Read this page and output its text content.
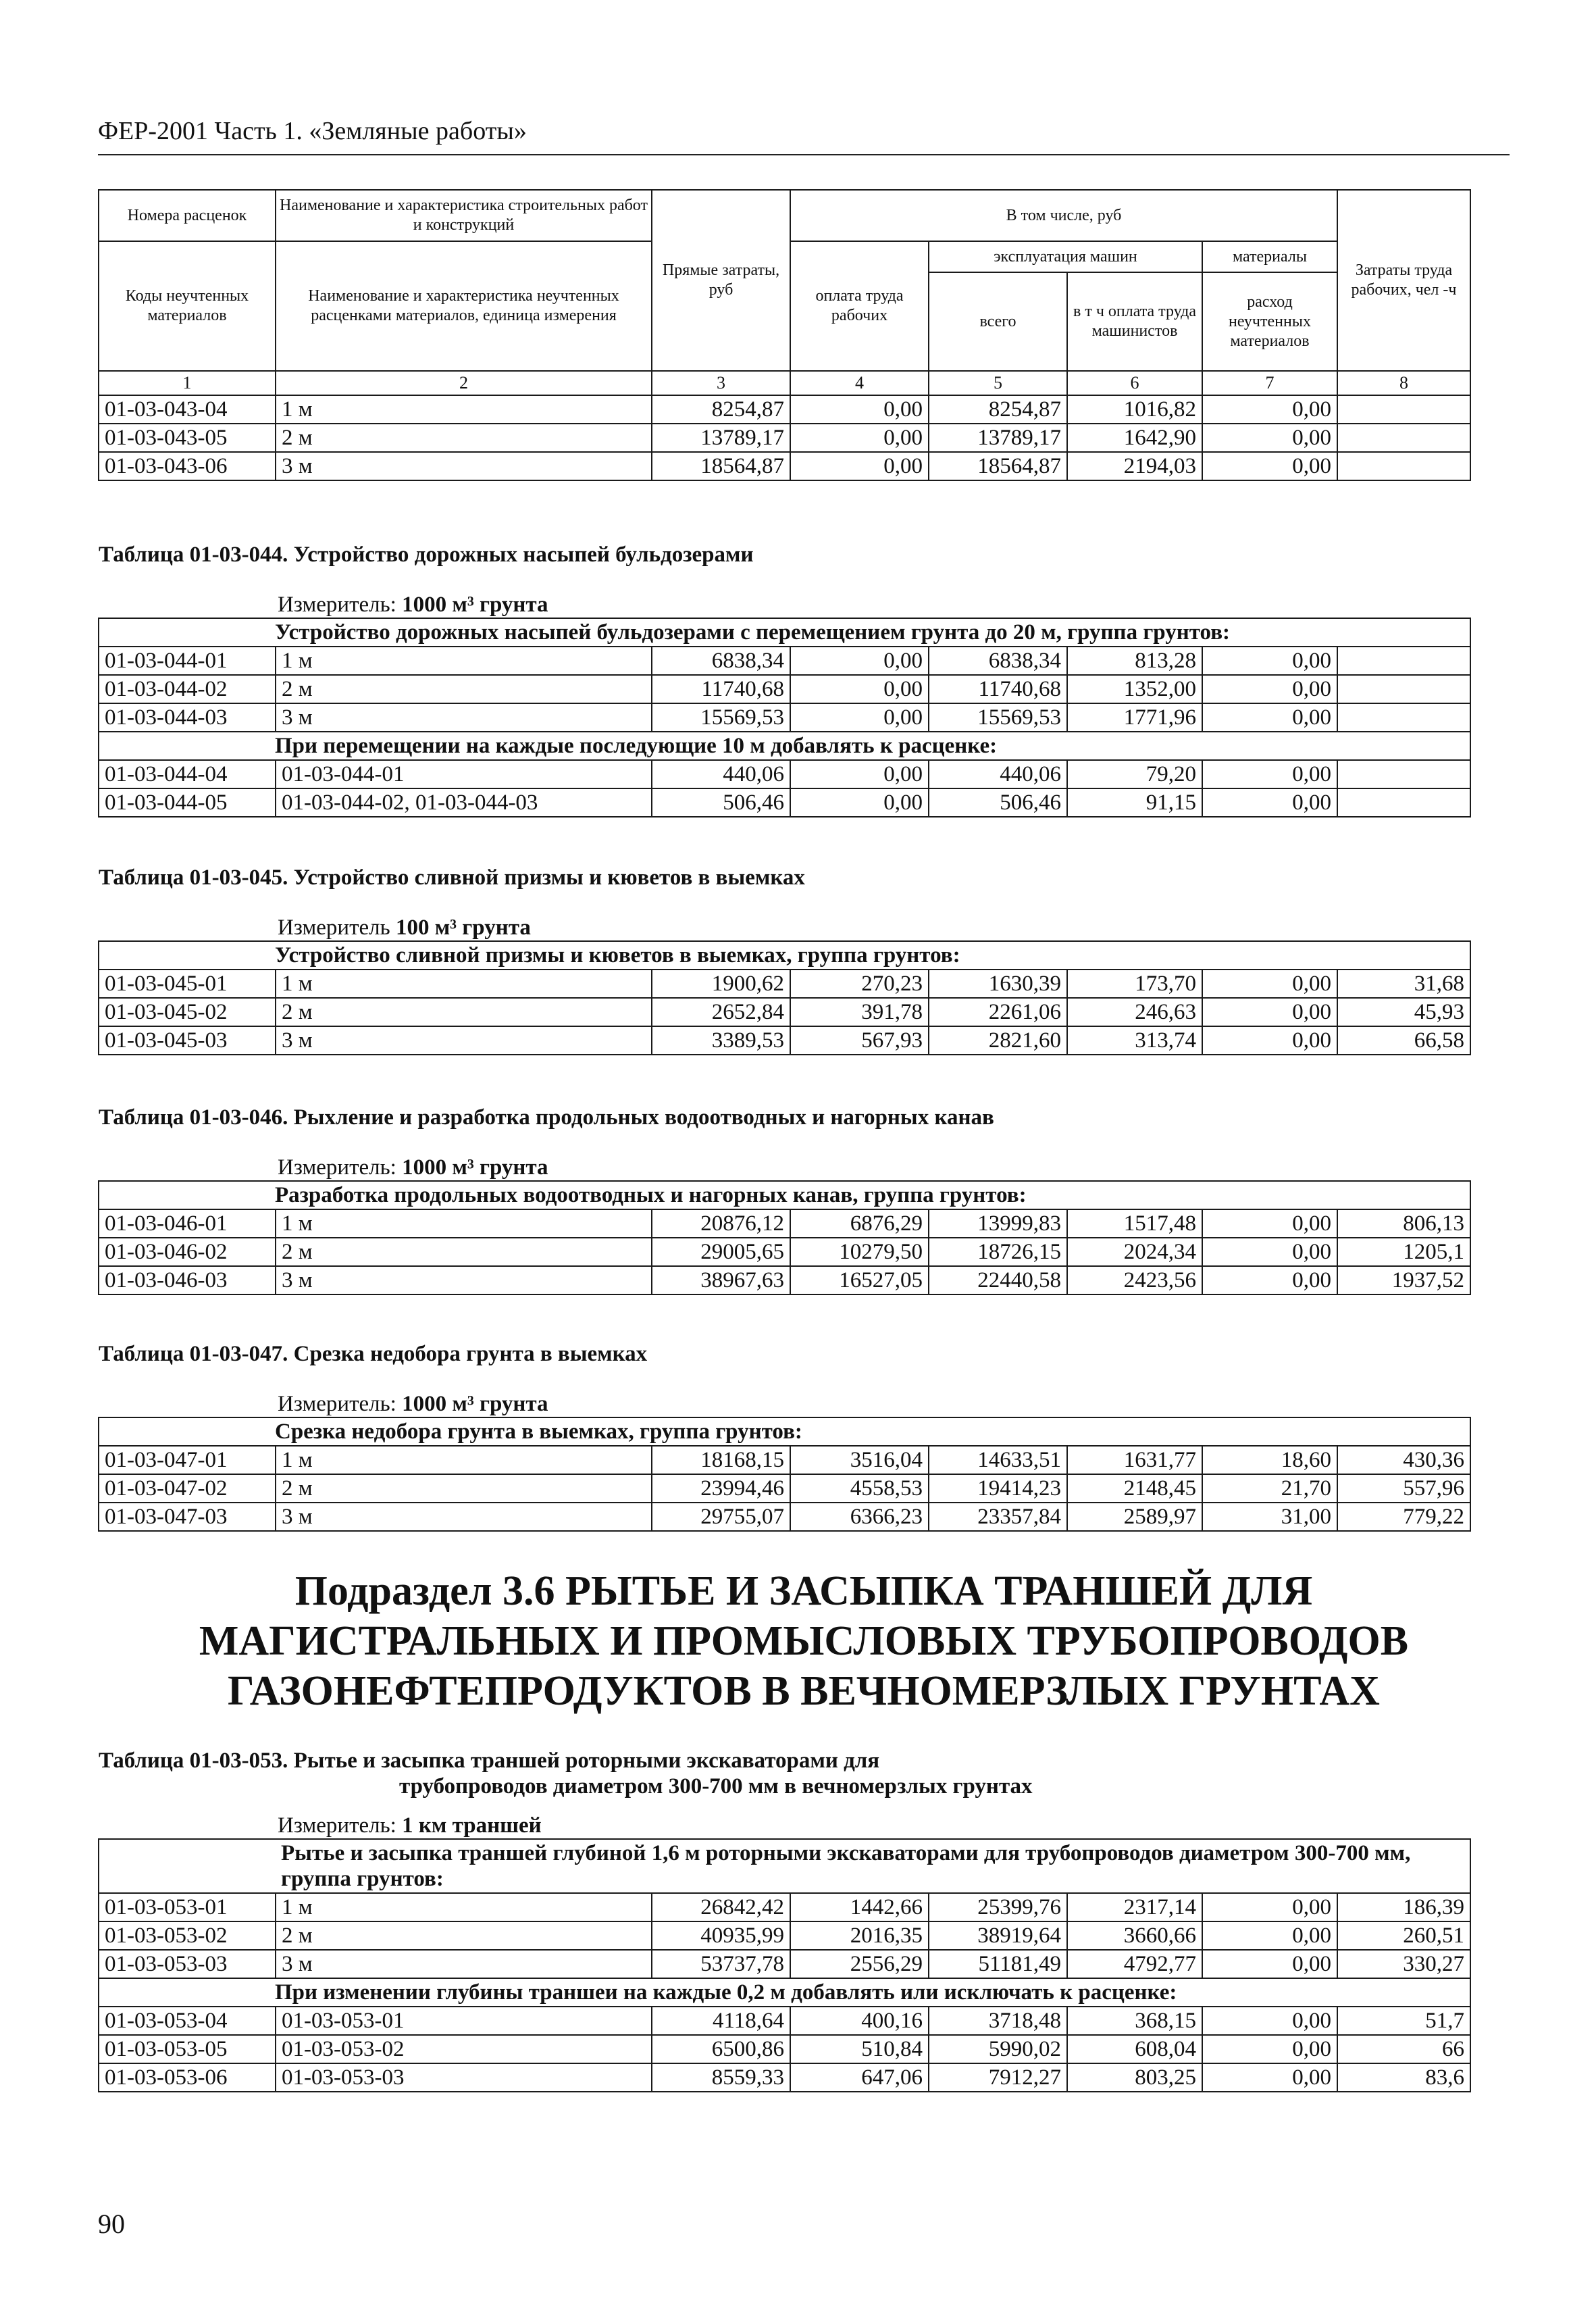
ФЕР-2001 Часть 1. «Земляные работы»
Номера расценок	Наименование и характеристика строительных работ и конструкций	Прямые затраты, руб	В том числе, руб				Затраты труда рабочих, чел -ч
Коды неучтенных материалов	Наименование и характеристика неучтенных расценками материалов, единица измерения		оплата труда рабочих	эксплуатация машин		материалы	
				всего	в т ч оплата труда машинистов	расход неучтенных материалов	
1	2	3	4	5	6	7	8
01-03-043-04	1 м	8254,87	0,00	8254,87	1016,82	0,00	
01-03-043-05	2 м	13789,17	0,00	13789,17	1642,90	0,00	
01-03-043-06	3 м	18564,87	0,00	18564,87	2194,03	0,00	
Таблица 01-03-044. Устройство дорожных насыпей бульдозерами							
Измеритель: 1000 м³ грунта							
Устройство дорожных насыпей бульдозерами с перемещением грунта до 20 м, группа грунтов:							
01-03-044-01	1 м	6838,34	0,00	6838,34	813,28	0,00	
01-03-044-02	2 м	11740,68	0,00	11740,68	1352,00	0,00	
01-03-044-03	3 м	15569,53	0,00	15569,53	1771,96	0,00	
При перемещении на каждые последующие 10 м добавлять к расценке:							
01-03-044-04	01-03-044-01	440,06	0,00	440,06	79,20	0,00	
01-03-044-05	01-03-044-02, 01-03-044-03	506,46	0,00	506,46	91,15	0,00	
Таблица 01-03-045. Устройство сливной призмы и кюветов в выемках							
Измеритель 100 м³ грунта							
Устройство сливной призмы и кюветов в выемках, группа грунтов:							
01-03-045-01	1 м	1900,62	270,23	1630,39	173,70	0,00	31,68
01-03-045-02	2 м	2652,84	391,78	2261,06	246,63	0,00	45,93
01-03-045-03	3 м	3389,53	567,93	2821,60	313,74	0,00	66,58
Таблица 01-03-046. Рыхление и разработка продольных водоотводных и нагорных канав							
Измеритель: 1000 м³ грунта							
Разработка продольных водоотводных и нагорных канав, группа грунтов:							
01-03-046-01	1 м	20876,12	6876,29	13999,83	1517,48	0,00	806,13
01-03-046-02	2 м	29005,65	10279,50	18726,15	2024,34	0,00	1205,1
01-03-046-03	3 м	38967,63	16527,05	22440,58	2423,56	0,00	1937,52
Таблица 01-03-047. Срезка недобора грунта в выемках							
Измеритель: 1000 м³ грунта							
Срезка недобора грунта в выемках, группа грунтов:							
01-03-047-01	1 м	18168,15	3516,04	14633,51	1631,77	18,60	430,36
01-03-047-02	2 м	23994,46	4558,53	19414,23	2148,45	21,70	557,96
01-03-047-03	3 м	29755,07	6366,23	23357,84	2589,97	31,00	779,22
Подраздел 3.6 РЫТЬЕ И ЗАСЫПКА ТРАНШЕЙ ДЛЯ МАГИСТРАЛЬНЫХ И ПРОМЫСЛОВЫХ ТРУБОПРОВОДОВ ГАЗОНЕФТЕПРОДУКТОВ В ВЕЧНОМЕРЗЛЫХ ГРУНТАХ
Таблица 01-03-053. Рытье и засыпка траншей роторными экскаваторами для
трубопроводов диаметром 300-700 мм в вечномерзлых грунтах							

Измеритель: 1 км траншей							
	Рытье и засыпка траншей глубиной 1,6 м роторными экскаваторами для трубопроводов диаметром 300-700 мм, группа грунтов:						
01-03-053-01	1 м	26842,42	1442,66	25399,76	2317,14	0,00	186,39
01-03-053-02	2 м	40935,99	2016,35	38919,64	3660,66	0,00	260,51
01-03-053-03	3 м	53737,78	2556,29	51181,49	4792,77	0,00	330,27
При изменении глубины траншеи на каждые 0,2 м добавлять или исключать к расценке:							
01-03-053-04	01-03-053-01	4118,64	400,16	3718,48	368,15	0,00	51,7
01-03-053-05	01-03-053-02	6500,86	510,84	5990,02	608,04	0,00	66
01-03-053-06	01-03-053-03	8559,33	647,06	7912,27	803,25	0,00	83,6
90
